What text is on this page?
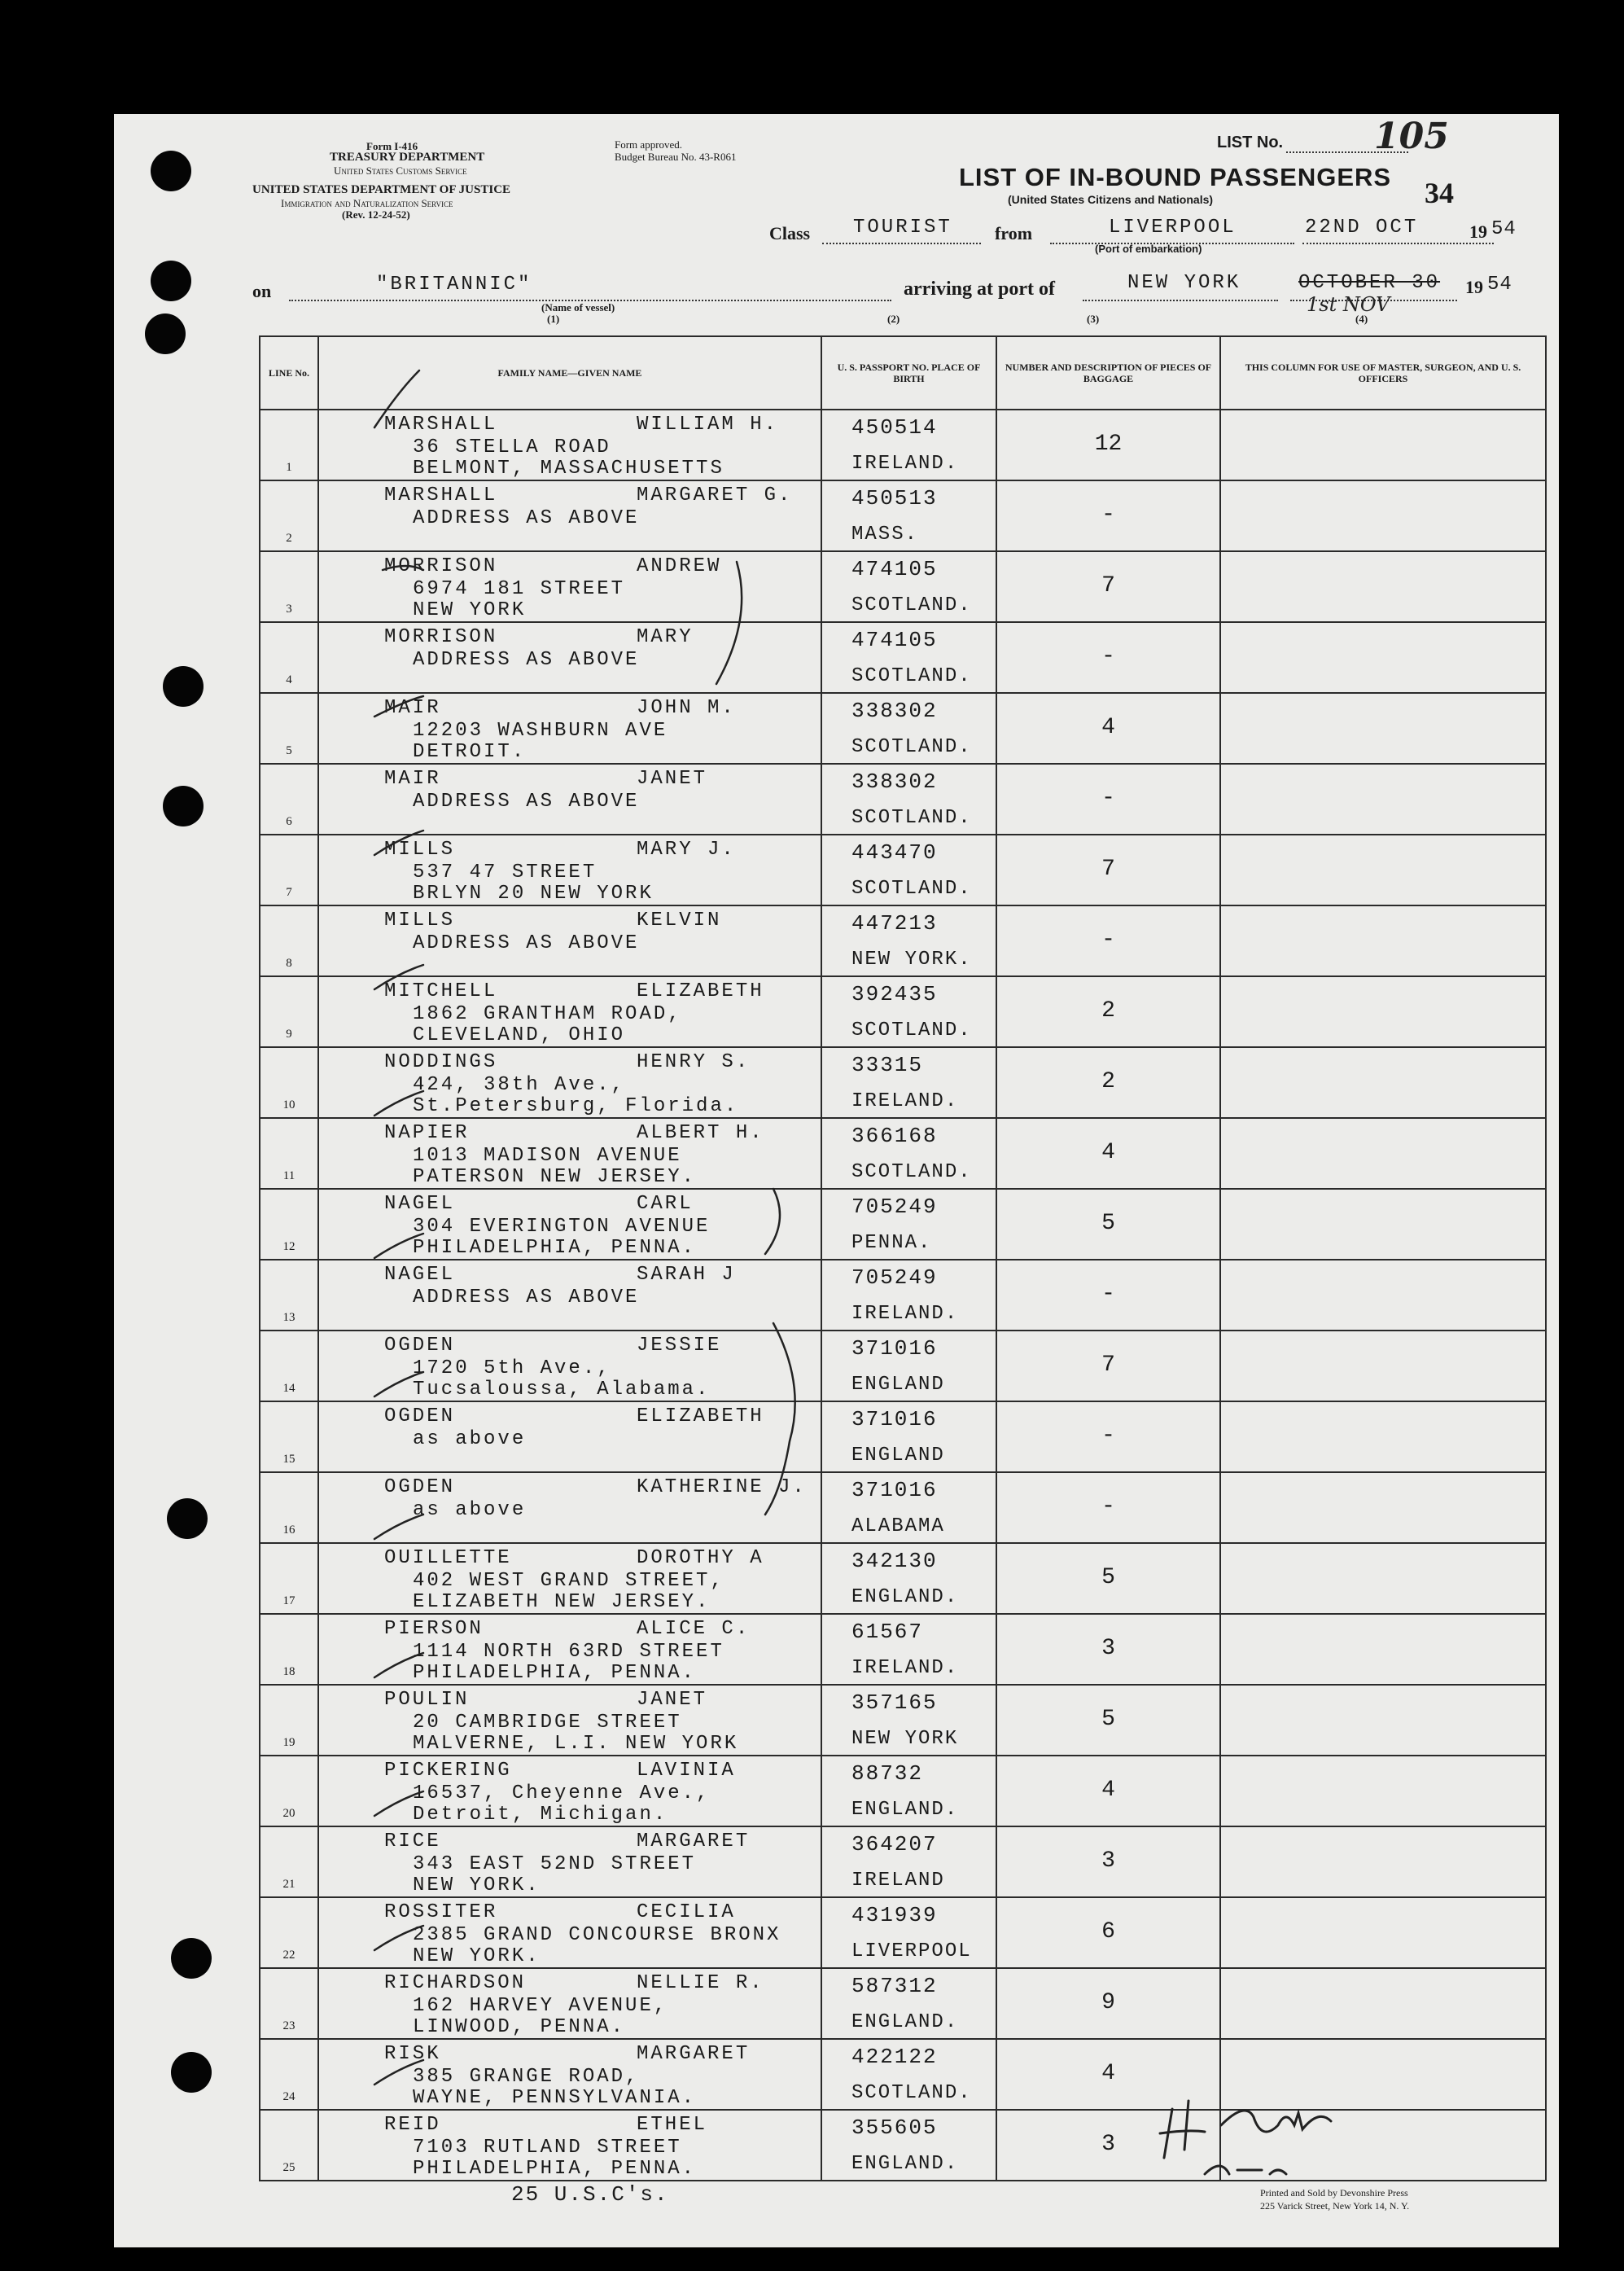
Form I-416
TREASURY DEPARTMENT
United States Customs Service
UNITED STATES DEPARTMENT OF JUSTICE
Immigration and Naturalization Service
(Rev. 12-24-52)
Form approved.
Budget Bureau No. 43-R061
LIST No.	105
LIST OF IN-BOUND PASSENGERS 34
(United States Citizens and Nationals)
Class TOURIST from	LIVERPOOL
(Port of embarkation)
22ND OCT	19 54
on	"BRITANNIC"
(Name of vessel)
(1)
arriving at port of	NEW YORK	OCTOBER 30
1st NOV
19 54
(2)	(3)	(4)
LINE No.	FAMILY NAME—GIVEN NAME	U. S. PASSPORT NO. PLACE OF BIRTH	NUMBER AND DESCRIPTION OF PIECES OF BAGGAGE	THIS COLUMN FOR USE OF MASTER, SURGEON, AND U. S. OFFICERS

1	MARSHALL WILLIAM H.
36 STELLA ROAD
BELMONT, MASSACHUSETTS	450514
IRELAND.	12	

2	MARSHALL MARGARET G.
ADDRESS AS ABOVE	450513
MASS.	-	

3	MORRISON ANDREW
6974 181 STREET
NEW YORK	474105
SCOTLAND.	7	

4	MORRISON MARY
ADDRESS AS ABOVE	474105
SCOTLAND.	-	

5	MAIR JOHN M.
12203 WASHBURN AVE
DETROIT.	338302
SCOTLAND.	4	

6	MAIR JANET
ADDRESS AS ABOVE	338302
SCOTLAND.	-	

7	MILLS MARY J.
537 47 STREET
BRLYN 20 NEW YORK	443470
SCOTLAND.	7	

8	MILLS KELVIN
ADDRESS AS ABOVE	447213
NEW YORK.	-	

9	MITCHELL ELIZABETH
1862 GRANTHAM ROAD,
CLEVELAND, OHIO	392435
SCOTLAND.	2	

10	NODDINGS HENRY S.
424, 38th Ave.,
St.Petersburg, Florida.	33315
IRELAND.	2	

11	NAPIER ALBERT H.
1013 MADISON AVENUE
PATERSON NEW JERSEY.	366168
SCOTLAND.	4	

12	NAGEL CARL
304 EVERINGTON AVENUE
PHILADELPHIA, PENNA.	705249
PENNA.	5	

13	NAGEL SARAH J
ADDRESS AS ABOVE	705249
IRELAND.	-	

14	OGDEN JESSIE
1720 5th Ave.,
Tucsaloussa, Alabama.	371016
ENGLAND	7	

15	OGDEN ELIZABETH
as above	371016
ENGLAND	-	

16	OGDEN KATHERINE J.
as above	371016
ALABAMA	-	

17	OUILLETTE DOROTHY A
402 WEST GRAND STREET,
ELIZABETH NEW JERSEY.	342130
ENGLAND.	5	

18	PIERSON ALICE C.
1114 NORTH 63RD STREET
PHILADELPHIA, PENNA.	61567
IRELAND.	3	

19	POULIN JANET
20 CAMBRIDGE STREET
MALVERNE, L.I. NEW YORK	357165
NEW YORK	5	

20	PICKERING LAVINIA
16537, Cheyenne Ave.,
Detroit, Michigan.	88732
ENGLAND.	4	

21	RICE MARGARET
343 EAST 52ND STREET
NEW YORK.	364207
IRELAND	3	

22	ROSSITER CECILIA
2385 GRAND CONCOURSE BRONX
NEW YORK.	431939
LIVERPOOL	6	

23	RICHARDSON NELLIE R.
162 HARVEY AVENUE,
LINWOOD, PENNA.	587312
ENGLAND.	9	

24	RISK MARGARET
385 GRANGE ROAD,
WAYNE, PENNSYLVANIA.	422122
SCOTLAND.	4	

25	REID ETHEL
7103 RUTLAND STREET
PHILADELPHIA, PENNA.	355605
ENGLAND.	3	

25 U.S.C's.	Printed and Sold by Devonshire Press
225 Varick Street, New York 14, N. Y.
